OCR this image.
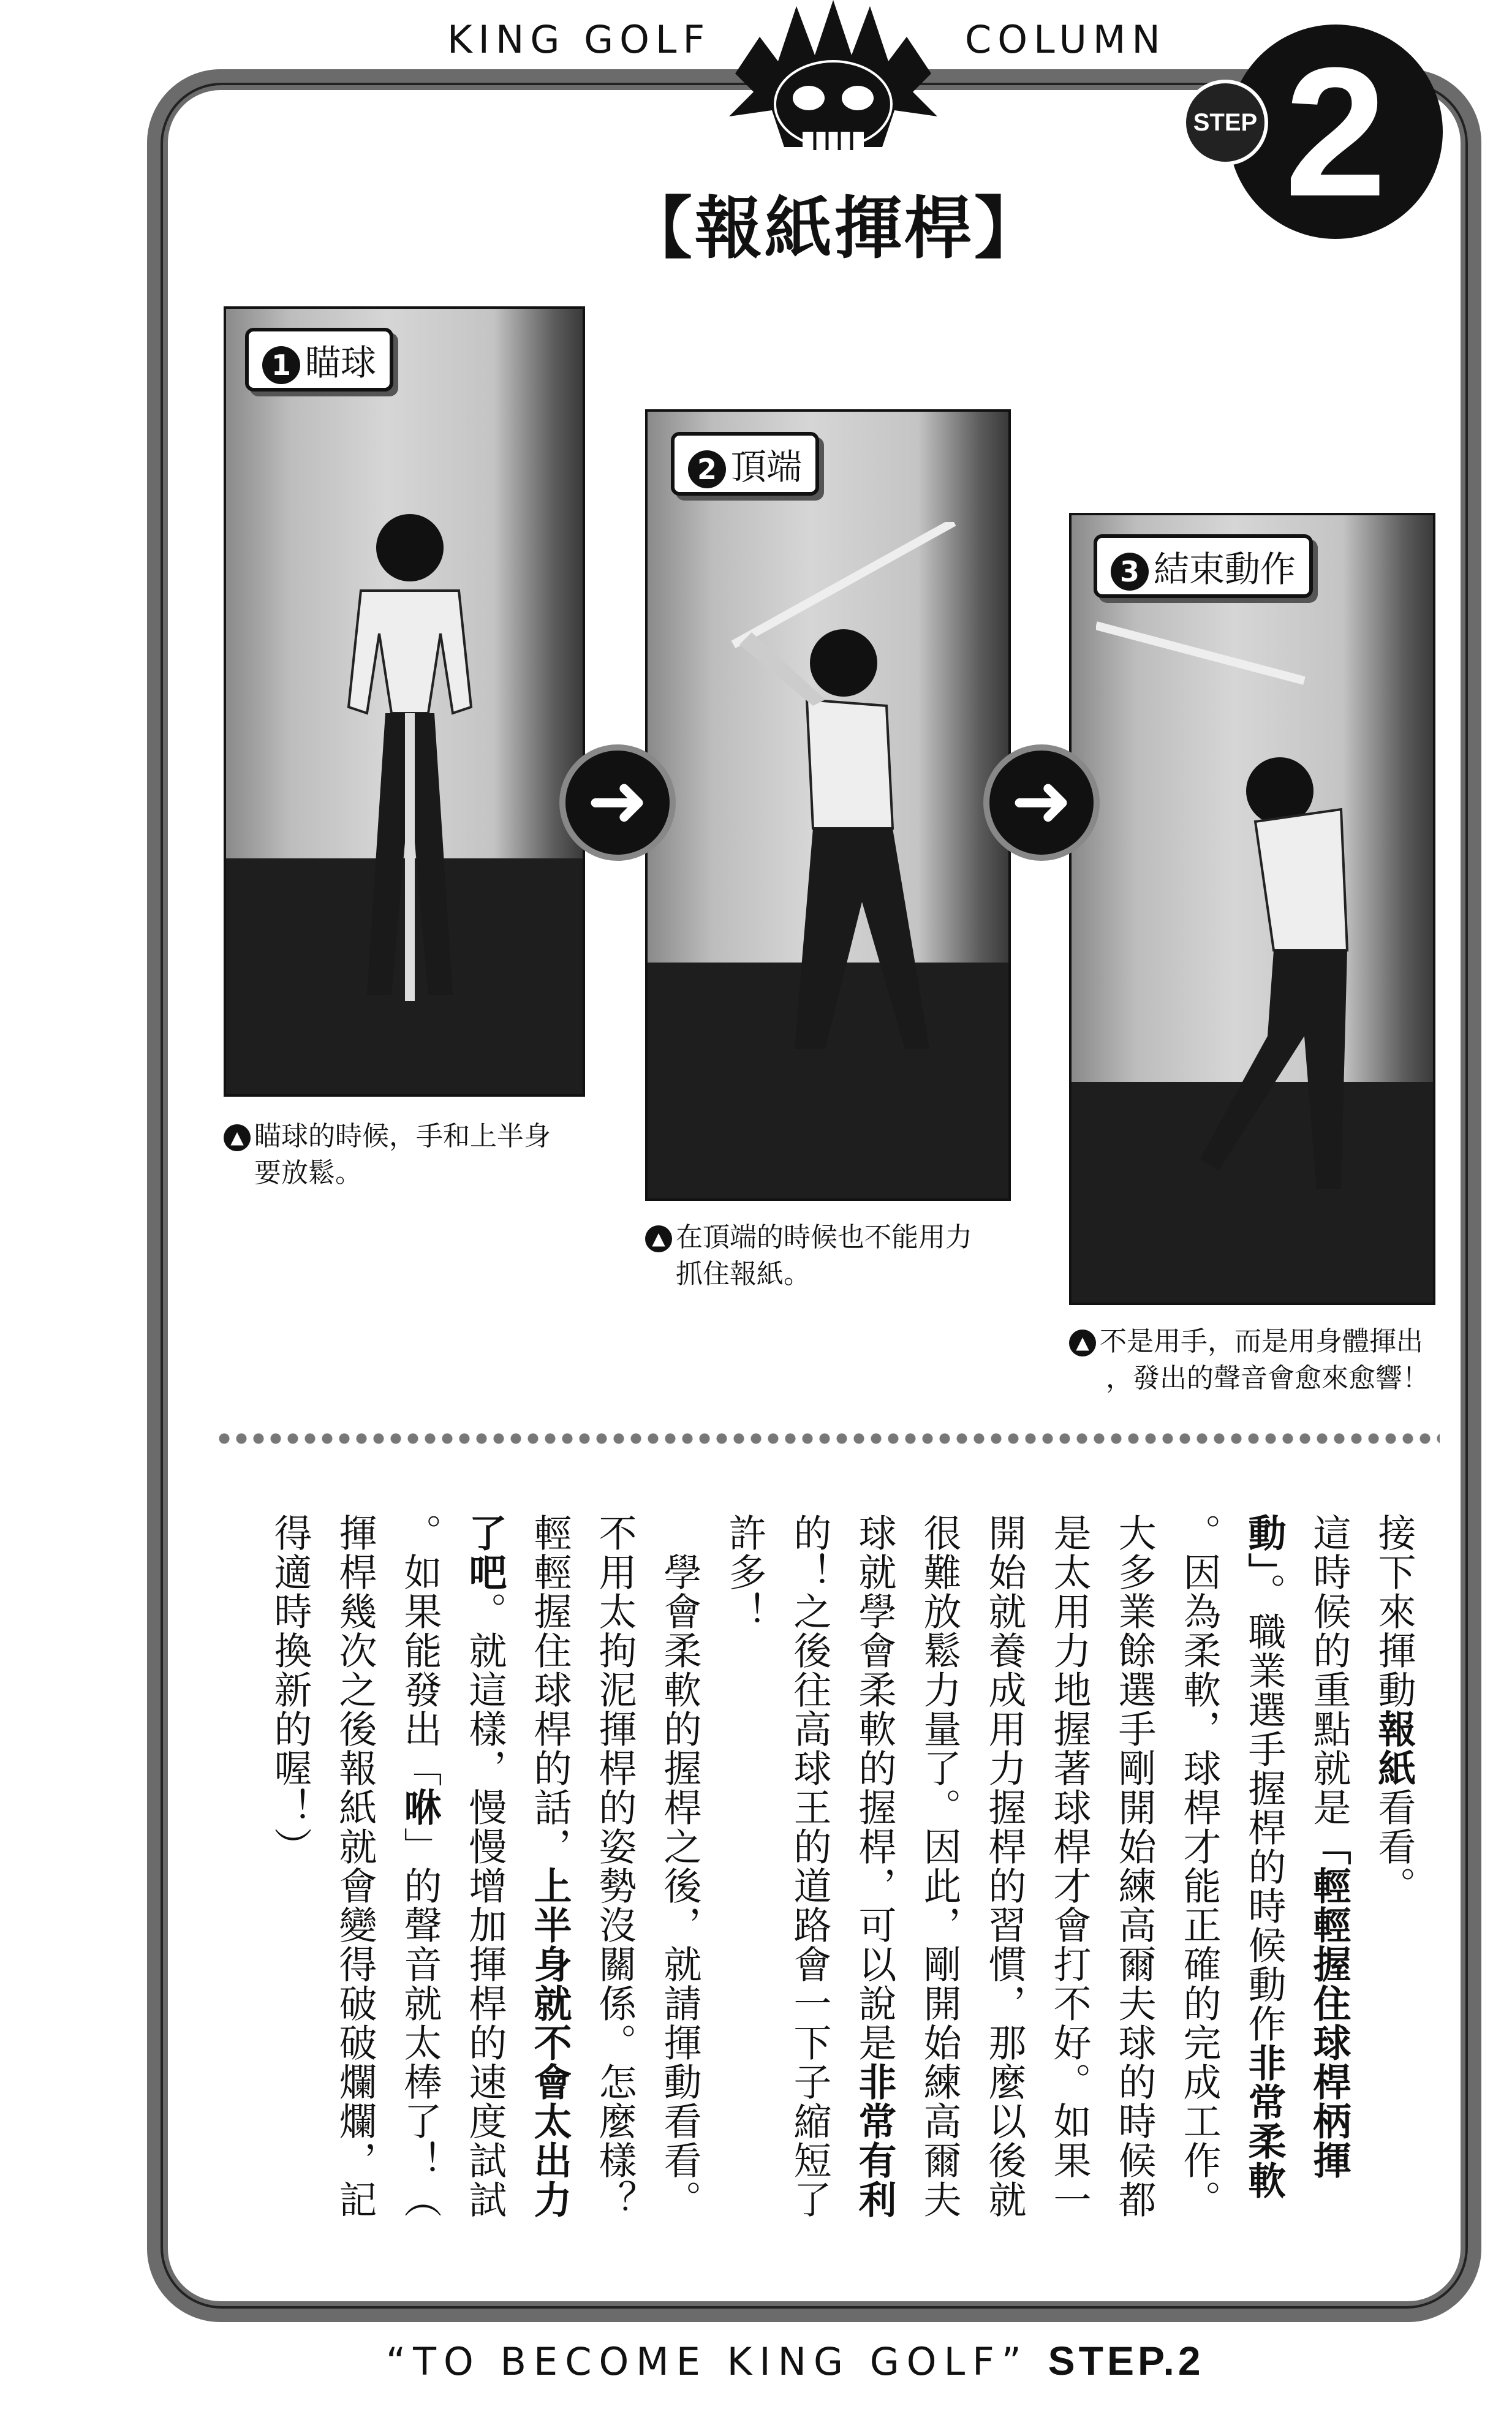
KING GOLF	COLUMN 2
STEP
【報紙揮桿】
1 瞄球
2 頂端
3 結束動作
➜	➜
▲ 瞄球的時候，手和上半身
要放鬆。
▲ 在頂端的時候也不能用力
抓住報紙。
▲ 不是用手，而是用身體揮出
，發出的聲音會愈來愈響！
接下來揮動報紙看看。
這時候的重點就是「輕輕握住球桿柄揮
動」。職業選手握桿的時候動作非常柔軟
。因為柔軟，球桿才能正確的完成工作。
大多業餘選手剛開始練高爾夫球的時候都
是太用力地握著球桿才會打不好。如果一
開始就養成用力握桿的習慣，那麼以後就
很難放鬆力量了。因此，剛開始練高爾夫
球就學會柔軟的握桿，可以說是非常有利
的！之後往高球王的道路會一下子縮短了
許多！
　學會柔軟的握桿之後，就請揮動看看。
不用太拘泥揮桿的姿勢沒關係。怎麼樣？
輕輕握住球桿的話，上半身就不會太出力
了吧。就這樣，慢慢增加揮桿的速度試試
。如果能發出「咻」的聲音就太棒了！（
揮桿幾次之後報紙就會變得破破爛爛，記
得適時換新的喔！）
“TO BECOME KING GOLF” STEP.2
